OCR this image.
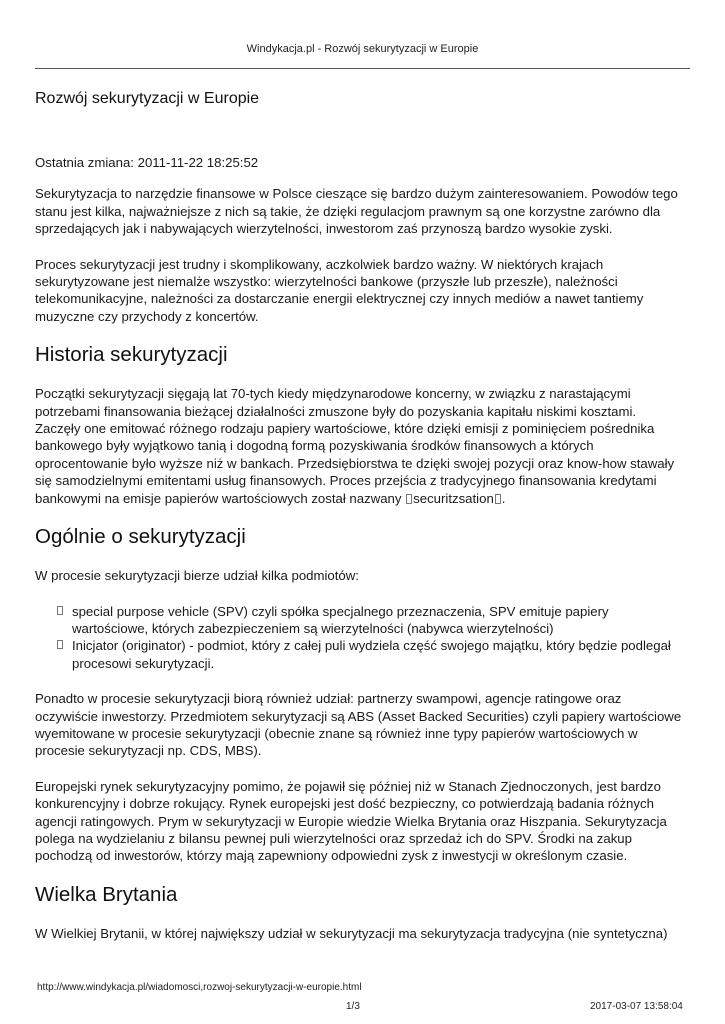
Windykacja.pl - Rozwój sekurytyzacji w Europie
Rozwój sekurytyzacji w Europie

Ostatnia zmiana: 2011-11-22 18:25:52

Sekurytyzacja to narzędzie finansowe w Polsce cieszące się bardzo dużym zainteresowaniem. Powodów tego stanu jest kilka, najważniejsze z nich są takie, że dzięki regulacjom prawnym są one korzystne zarówno dla sprzedających jak i nabywających wierzytelności, inwestorom zaś przynoszą bardzo wysokie zyski.

Proces sekurytyzacji jest trudny i skomplikowany, aczkolwiek bardzo ważny. W niektórych krajach sekurytyzowane jest niemalże wszystko: wierzytelności bankowe (przyszłe lub przeszłe), należności telekomunikacyjne, należności za dostarczanie energii elektrycznej czy innych mediów a nawet tantiemy muzyczne czy przychody z koncertów.

Historia sekurytyzacji

Początki sekurytyzacji sięgają lat 70-tych kiedy międzynarodowe koncerny, w związku z narastającymi potrzebami finansowania bieżącej działalności zmuszone były do pozyskania kapitału niskimi kosztami. Zaczęły one emitować różnego rodzaju papiery wartościowe, które dzięki emisji z pominięciem pośrednika bankowego były wyjątkowo tanią i dogodną formą pozyskiwania środków finansowych a których oprocentowanie było wyższe niż w bankach. Przedsiębiorstwa te dzięki swojej pozycji oraz know-how stawały się samodzielnymi emitentami usług finansowych. Proces przejścia z tradycyjnego finansowania kredytami bankowymi na emisje papierów wartościowych został nazwany securitzsation .

Ogólnie o sekurytyzacji

W procesie sekurytyzacji bierze udział kilka podmiotów:

special purpose vehicle (SPV) czyli spółka specjalnego przeznaczenia, SPV emituje papiery wartościowe, których zabezpieczeniem są wierzytelności (nabywca wierzytelności)
Inicjator (originator) - podmiot, który z całej puli wydziela część swojego majątku, który będzie podlegał procesowi sekurytyzacji.

Ponadto w procesie sekurytyzacji biorą również udział: partnerzy swampowi, agencje ratingowe oraz oczywiście inwestorzy. Przedmiotem sekurytyzacji są ABS (Asset Backed Securities) czyli papiery wartościowe wyemitowane w procesie sekurytyzacji (obecnie znane są również inne typy papierów wartościowych w procesie sekurytyzacji np. CDS, MBS).

Europejski rynek sekurytyzacyjny pomimo, że pojawił się później niż w Stanach Zjednoczonych, jest bardzo konkurencyjny i dobrze rokujący. Rynek europejski jest dość bezpieczny, co potwierdzają badania różnych agencji ratingowych. Prym w sekurytyzacji w Europie wiedzie Wielka Brytania oraz Hiszpania. Sekurytyzacja polega na wydzielaniu z bilansu pewnej puli wierzytelności oraz sprzedaż ich do SPV. Środki na zakup pochodzą od inwestorów, którzy mają zapewniony odpowiedni zysk z inwestycji w określonym czasie.

Wielka Brytania

W Wielkiej Brytanii, w której największy udział w sekurytyzacji ma sekurytyzacja tradycyjna (nie syntetyczna)

http://www.windykacja.pl/wiadomosci,rozwoj-sekurytyzacji-w-europie.html
1/3	2017-03-07 13:58:04
